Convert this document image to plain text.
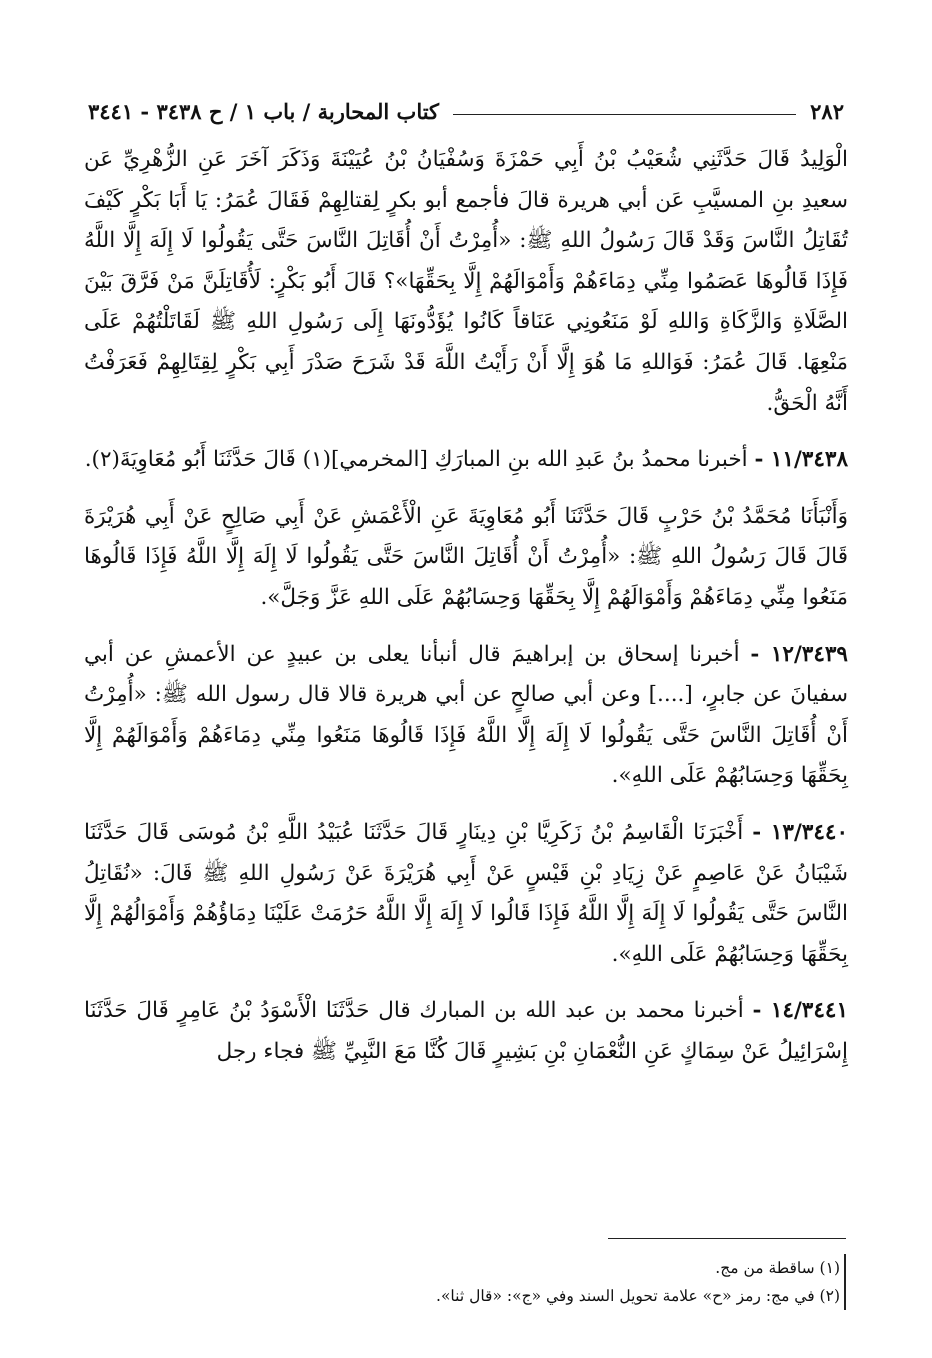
٢٨٢
كتاب المحاربة / باب ١ / ح ٣٤٣٨ - ٣٤٤١

الْوَلِيدُ قَالَ حَدَّثَنِي شُعَيْبُ بْنُ أَبِي حَمْزَةَ وَسُفْيَانُ بْنُ عُيَيْنَةَ وَذَكَرَ آخَرَ عَنِ الزُّهْرِيِّ عَن سعيدِ بنِ المسيَّبِ عَن أبي هريرة قالَ فأجمع أبو بكرٍ لِقتالِهِمْ فَقَالَ عُمَرُ: يَا أَبَا بَكْرٍ كَيْفَ تُقَاتِلُ النَّاسَ وَقَدْ قَالَ رَسُولُ اللهِ ﷺ: «أُمِرْتُ أَنْ أُقَاتِلَ النَّاسَ حَتَّى يَقُولُوا لَا إِلَهَ إِلَّا اللَّهُ فَإِذَا قَالُوهَا عَصَمُوا مِنِّي دِمَاءَهُمْ وَأَمْوَالَهُمْ إِلَّا بِحَقِّهَا»؟ قَالَ أَبُو بَكْرٍ: لَأُقَاتِلَنَّ مَنْ فَرَّقَ بَيْنَ الصَّلَاةِ وَالزَّكَاةِ وَاللهِ لَوْ مَنَعُونِي عَنَاقاً كَانُوا يُؤَدُّونَهَا إِلَى رَسُولِ اللهِ ﷺ لَقَاتَلْتُهُمْ عَلَى مَنْعِهَا. قَالَ عُمَرُ: فَوَاللهِ مَا هُوَ إِلَّا أَنْ رَأَيْتُ اللَّهَ قَدْ شَرَحَ صَدْرَ أَبِي بَكْرٍ لِقِتَالِهِمْ فَعَرَفْتُ أَنَّهُ الْحَقُّ.

١١/٣٤٣٨ - أخبرنا محمدُ بنُ عَبدِ الله بنِ المبارَكِ [المخرمي](١) قَالَ حَدَّثَنَا أَبُو مُعَاوِيَةَ(٢).

وَأَنْبَأَنَا مُحَمَّدُ بْنُ حَرْبٍ قَالَ حَدَّثَنَا أَبُو مُعَاوِيَةَ عَنِ الْأَعْمَشِ عَنْ أَبِي صَالِحٍ عَنْ أَبِي هُرَيْرَةَ قَالَ قَالَ رَسُولُ اللهِ ﷺ: «أُمِرْتُ أَنْ أُقَاتِلَ النَّاسَ حَتَّى يَقُولُوا لَا إِلَهَ إِلَّا اللَّهُ فَإِذَا قَالُوهَا مَنَعُوا مِنِّي دِمَاءَهُمْ وَأَمْوَالَهُمْ إِلَّا بِحَقِّهَا وَحِسَابُهُمْ عَلَى اللهِ عَزَّ وَجَلَّ».

١٢/٣٤٣٩ - أخبرنا إسحاق بن إبراهيمَ قال أنبأنا يعلى بن عبيدٍ عن الأعمشِ عن أبي سفيانَ عن جابرٍ، [....] وعن أبي صالحٍ عن أبي هريرة قالا قال رسول الله ﷺ: «أُمِرْتُ أَنْ أُقَاتِلَ النَّاسَ حَتَّى يَقُولُوا لَا إِلَهَ إِلَّا اللَّهُ فَإِذَا قَالُوهَا مَنَعُوا مِنِّي دِمَاءَهُمْ وَأَمْوَالَهُمْ إِلَّا بِحَقِّهَا وَحِسَابُهُمْ عَلَى اللهِ».

١٣/٣٤٤٠ - أَخْبَرَنَا الْقَاسِمُ بْنُ زَكَرِيَّا بْنِ دِينَارٍ قَالَ حَدَّثَنَا عُبَيْدُ اللَّهِ بْنُ مُوسَى قَالَ حَدَّثَنَا شَيْبَانُ عَنْ عَاصِمٍ عَنْ زِيَادِ بْنِ قَيْسٍ عَنْ أَبِي هُرَيْرَةَ عَنْ رَسُولِ اللهِ ﷺ قَالَ: «نُقَاتِلُ النَّاسَ حَتَّى يَقُولُوا لَا إِلَهَ إِلَّا اللَّهُ فَإِذَا قَالُوا لَا إِلَهَ إِلَّا اللَّهُ حَرُمَتْ عَلَيْنَا دِمَاؤُهُمْ وَأَمْوَالُهُمْ إِلَّا بِحَقِّهَا وَحِسَابُهُمْ عَلَى اللهِ».

١٤/٣٤٤١ - أخبرنا محمد بن عبد الله بن المبارك قال حَدَّثَنَا الْأَسْوَدُ بْنُ عَامِرٍ قَالَ حَدَّثَنَا إِسْرَائِيلُ عَنْ سِمَاكٍ عَنِ النُّعْمَانِ بْنِ بَشِيرٍ قَالَ كُنَّا مَعَ النَّبِيِّ ﷺ فجاء رجل

(١) ساقطة من مج.
(٢) في مج: رمز «ح» علامة تحويل السند وفي «ج»: «قال ثنا».
